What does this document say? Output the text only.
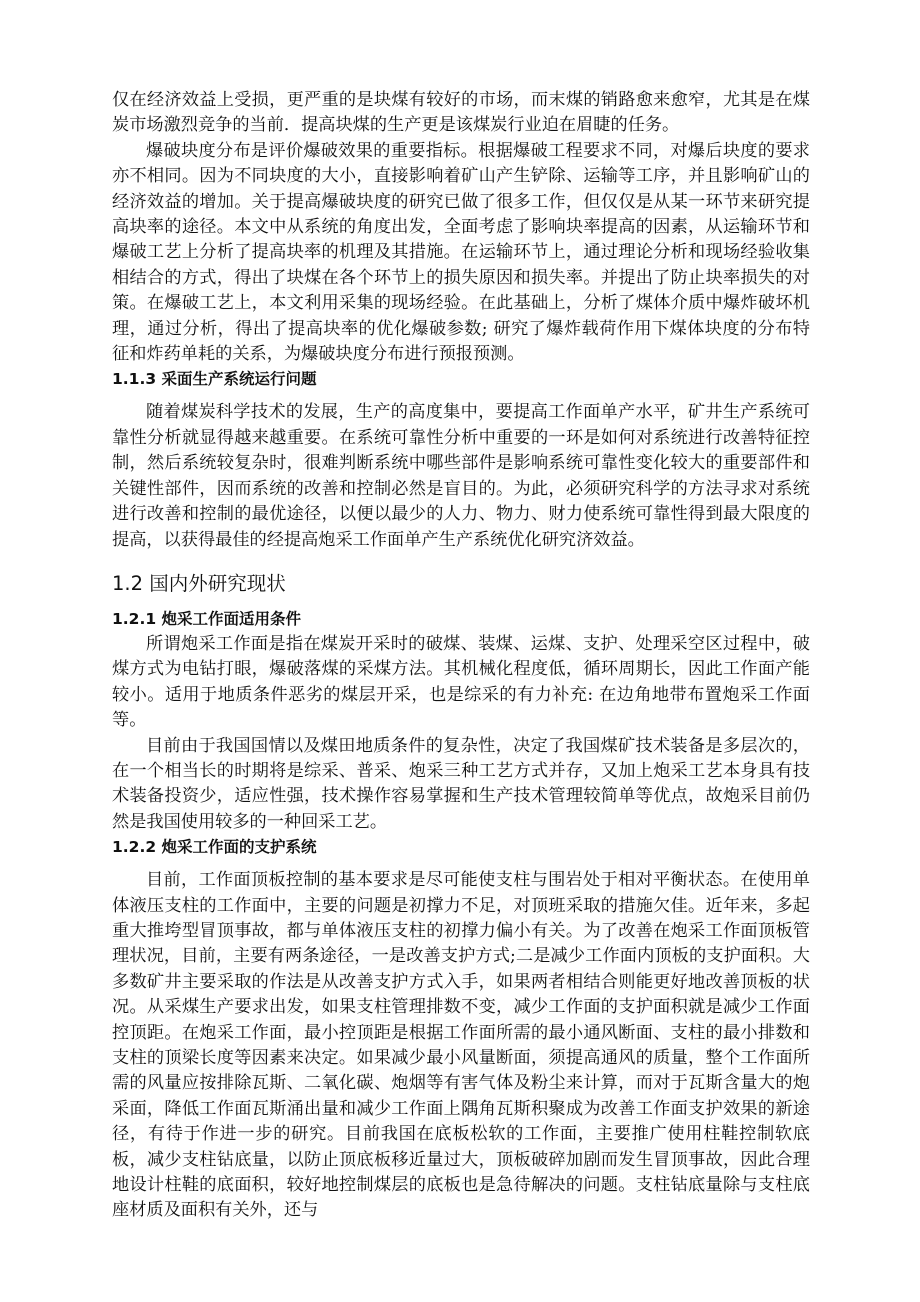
仅在经济效益上受损，更严重的是块煤有较好的市场，而末煤的销路愈来愈窄，尤其是在煤炭市场激烈竞争的当前．提高块煤的生产更是该煤炭行业迫在眉睫的任务。

爆破块度分布是评价爆破效果的重要指标。根据爆破工程要求不同，对爆后块度的要求亦不相同。因为不同块度的大小，直接影响着矿山产生铲除、运输等工序，并且影响矿山的经济效益的增加。关于提高爆破块度的研究已做了很多工作，但仅仅是从某一环节来研究提高块率的途径。本文中从系统的角度出发，全面考虑了影响块率提高的因素，从运输环节和爆破工艺上分析了提高块率的机理及其措施。在运输环节上，通过理论分析和现场经验收集相结合的方式，得出了块煤在各个环节上的损失原因和损失率。并提出了防止块率损失的对策。在爆破工艺上，本文利用采集的现场经验。在此基础上，分析了煤体介质中爆炸破坏机理，通过分析，得出了提高块率的优化爆破参数; 研究了爆炸载荷作用下煤体块度的分布特征和炸药单耗的关系，为爆破块度分布进行预报预测。

1.1.3 采面生产系统运行问题

随着煤炭科学技术的发展，生产的高度集中，要提高工作面单产水平，矿井生产系统可靠性分析就显得越来越重要。在系统可靠性分析中重要的一环是如何对系统进行改善特征控制，然后系统较复杂时，很难判断系统中哪些部件是影响系统可靠性变化较大的重要部件和关键性部件，因而系统的改善和控制必然是盲目的。为此，必须研究科学的方法寻求对系统进行改善和控制的最优途径，以便以最少的人力、物力、财力使系统可靠性得到最大限度的提高，以获得最佳的经提高炮采工作面单产生产系统优化研究济效益。

1.2 国内外研究现状
1.2.1 炮采工作面适用条件

所谓炮采工作面是指在煤炭开采时的破煤、装煤、运煤、支护、处理采空区过程中，破煤方式为电钻打眼，爆破落煤的采煤方法。其机械化程度低，循环周期长，因此工作面产能较小。适用于地质条件恶劣的煤层开采，也是综采的有力补充: 在边角地带布置炮采工作面等。

目前由于我国国情以及煤田地质条件的复杂性，决定了我国煤矿技术装备是多层次的，在一个相当长的时期将是综采、普采、炮采三种工艺方式并存，又加上炮采工艺本身具有技术装备投资少，适应性强，技术操作容易掌握和生产技术管理较简单等优点，故炮采目前仍然是我国使用较多的一种回采工艺。

1.2.2 炮采工作面的支护系统

目前，工作面顶板控制的基本要求是尽可能使支柱与围岩处于相对平衡状态。在使用单体液压支柱的工作面中，主要的问题是初撑力不足，对顶班采取的措施欠佳。近年来，多起重大推垮型冒顶事故，都与单体液压支柱的初撑力偏小有关。为了改善在炮采工作面顶板管理状况，目前，主要有两条途径，一是改善支护方式;二是减少工作面内顶板的支护面积。大多数矿井主要采取的作法是从改善支护方式入手，如果两者相结合则能更好地改善顶板的状况。从采煤生产要求出发，如果支柱管理排数不变，减少工作面的支护面积就是减少工作面控顶距。在炮采工作面，最小控顶距是根据工作面所需的最小通风断面、支柱的最小排数和支柱的顶梁长度等因素来决定。如果减少最小风量断面，须提高通风的质量，整个工作面所需的风量应按排除瓦斯、二氧化碳、炮烟等有害气体及粉尘来计算，而对于瓦斯含量大的炮采面，降低工作面瓦斯涌出量和减少工作面上隅角瓦斯积聚成为改善工作面支护效果的新途径，有待于作进一步的研究。目前我国在底板松软的工作面，主要推广使用柱鞋控制软底板，减少支柱钻底量，以防止顶底板移近量过大，顶板破碎加剧而发生冒顶事故，因此合理地设计柱鞋的底面积，较好地控制煤层的底板也是急待解决的问题。支柱钻底量除与支柱底座材质及面积有关外，还与
